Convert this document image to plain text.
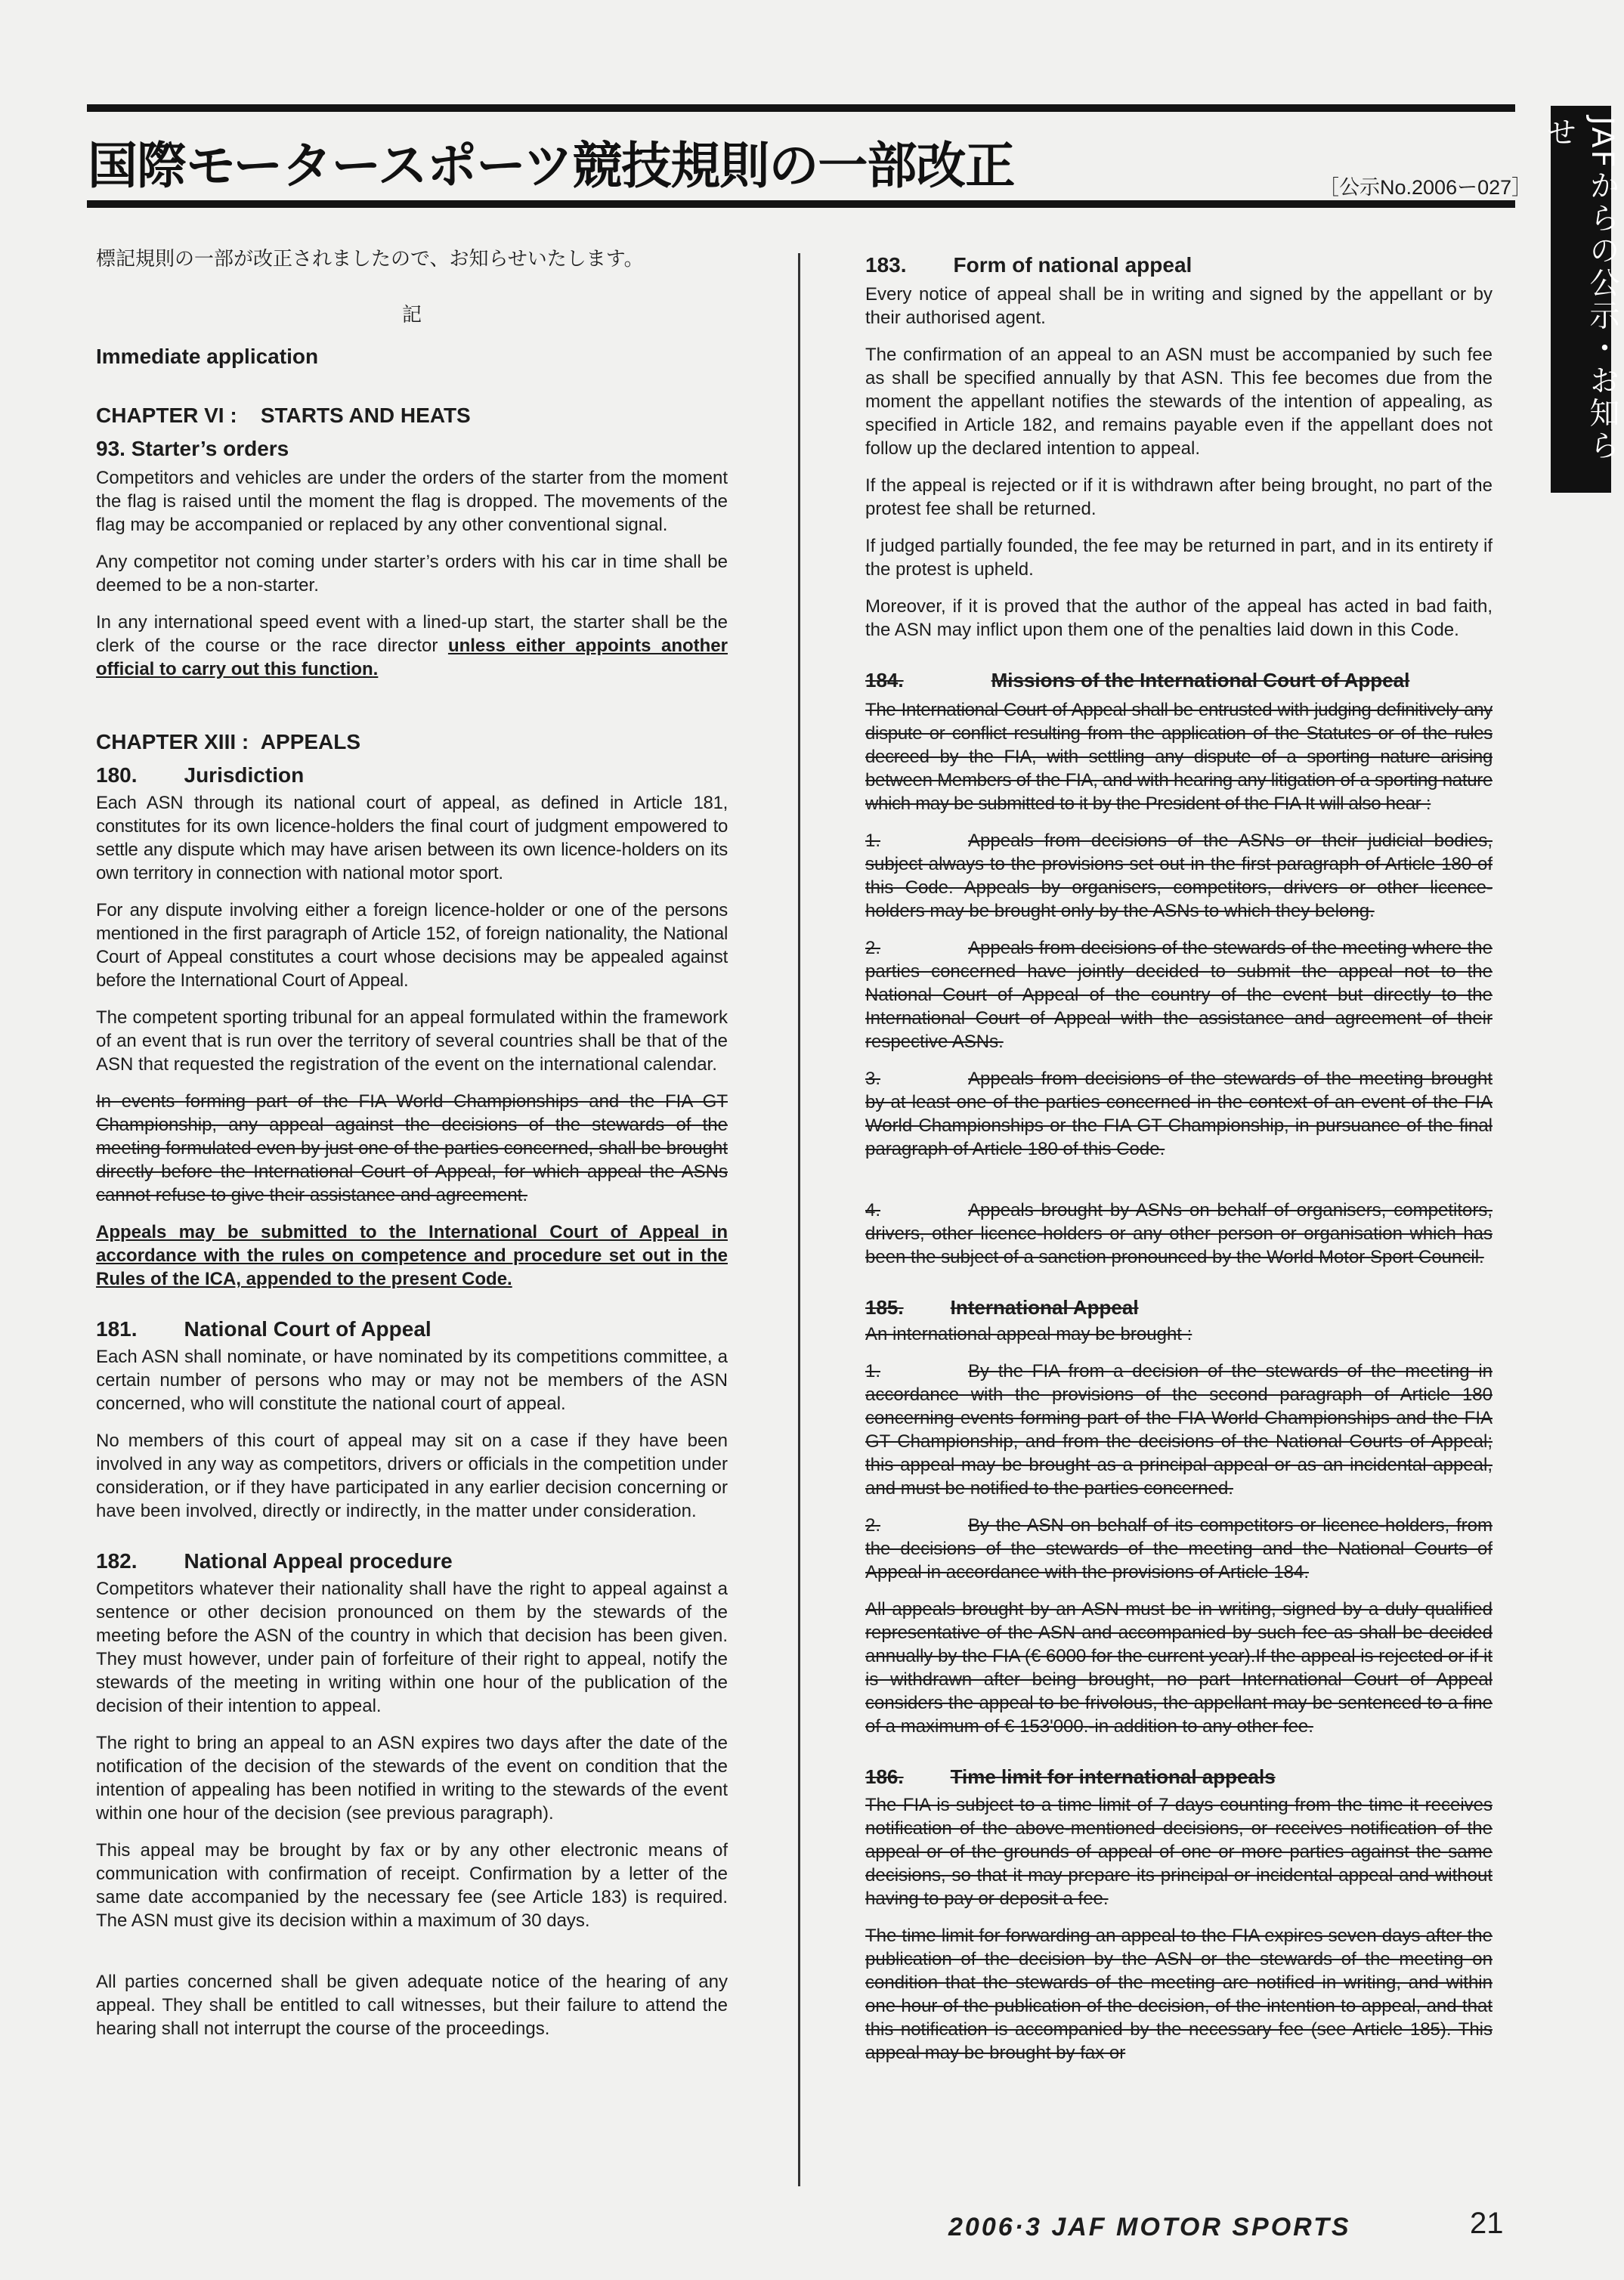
国際モータースポーツ競技規則の一部改正	［公示No.2006ー027］	JAFからの公示・お知らせ

標記規則の一部が改正されましたので、お知らせいたします。

記

Immediate application
CHAPTER VI : STARTS AND HEATS
93. Starter’s orders

Competitors and vehicles are under the orders of the starter from the moment the flag is raised until the moment the flag is dropped. The movements of the flag may be accompanied or replaced by any other conventional signal.

Any competitor not coming under starter’s orders with his car in time shall be deemed to be a non-starter.

In any international speed event with a lined-up start, the starter shall be the clerk of the course or the race director unless either appoints another official to carry out this function.

CHAPTER XIII : APPEALS
180. Jurisdiction

Each ASN through its national court of appeal, as defined in Article 181, constitutes for its own licence-holders the final court of judgment empowered to settle any dispute which may have arisen between its own licence-holders on its own territory in connection with national motor sport.

For any dispute involving either a foreign licence-holder or one of the persons mentioned in the first paragraph of Article 152, of foreign nationality, the National Court of Appeal constitutes a court whose decisions may be appealed against before the International Court of Appeal.

The competent sporting tribunal for an appeal formulated within the framework of an event that is run over the territory of several countries shall be that of the ASN that requested the registration of the event on the international calendar.

In events forming part of the FIA World Championships and the FIA GT Championship, any appeal against the decisions of the stewards of the meeting formulated even by just one of the parties concerned, shall be brought directly before the International Court of Appeal, for which appeal the ASNs cannot refuse to give their assistance and agreement.

Appeals may be submitted to the International Court of Appeal in accordance with the rules on competence and procedure set out in the Rules of the ICA, appended to the present Code.

181. National Court of Appeal

Each ASN shall nominate, or have nominated by its competitions committee, a certain number of persons who may or may not be members of the ASN concerned, who will constitute the national court of appeal.

No members of this court of appeal may sit on a case if they have been involved in any way as competitors, drivers or officials in the competition under consideration, or if they have participated in any earlier decision concerning or have been involved, directly or indirectly, in the matter under consideration.

182. National Appeal procedure

Competitors whatever their nationality shall have the right to appeal against a sentence or other decision pronounced on them by the stewards of the meeting before the ASN of the country in which that decision has been given. They must however, under pain of forfeiture of their right to appeal, notify the stewards of the meeting in writing within one hour of the publication of the decision of their intention to appeal.

The right to bring an appeal to an ASN expires two days after the date of the notification of the decision of the stewards of the event on condition that the intention of appealing has been notified in writing to the stewards of the event within one hour of the decision (see previous paragraph).

This appeal may be brought by fax or by any other electronic means of communication with confirmation of receipt. Confirmation by a letter of the same date accompanied by the necessary fee (see Article 183) is required. The ASN must give its decision within a maximum of 30 days.

All parties concerned shall be given adequate notice of the hearing of any appeal. They shall be entitled to call witnesses, but their failure to attend the hearing shall not interrupt the course of the proceedings.

183. Form of national appeal

Every notice of appeal shall be in writing and signed by the appellant or by their authorised agent.

The confirmation of an appeal to an ASN must be accompanied by such fee as shall be specified annually by that ASN. This fee becomes due from the moment the appellant notifies the stewards of the intention of appealing, as specified in Article 182, and remains payable even if the appellant does not follow up the declared intention to appeal.

If the appeal is rejected or if it is withdrawn after being brought, no part of the protest fee shall be returned.

If judged partially founded, the fee may be returned in part, and in its entirety if the protest is upheld.

Moreover, if it is proved that the author of the appeal has acted in bad faith, the ASN may inflict upon them one of the penalties laid down in this Code.

184.	Missions of the International Court of Appeal

The International Court of Appeal shall be entrusted with judging definitively any dispute or conflict resulting from the application of the Statutes or of the rules decreed by the FIA, with settling any dispute of a sporting nature arising between Members of the FIA, and with hearing any litigation of a sporting nature which may be submitted to it by the President of the FIA It will also hear :

1.	Appeals from decisions of the ASNs or their judicial bodies, subject always to the provisions set out in the first paragraph of Article 180 of this Code. Appeals by organisers, competitors, drivers or other licence-holders may be brought only by the ASNs to which they belong.

2.	Appeals from decisions of the stewards of the meeting where the parties concerned have jointly decided to submit the appeal not to the National Court of Appeal of the country of the event but directly to the International Court of Appeal with the assistance and agreement of their respective ASNs.

3.	Appeals from decisions of the stewards of the meeting brought by at least one of the parties concerned in the context of an event of the FIA World Championships or the FIA GT Championship, in pursuance of the final paragraph of Article 180 of this Code.

4.	Appeals brought by ASNs on behalf of organisers, competitors, drivers, other licence-holders or any other person or organisation which has been the subject of a sanction pronounced by the World Motor Sport Council.

185. International Appeal

An international appeal may be brought :

1.	By the FIA from a decision of the stewards of the meeting in accordance with the provisions of the second paragraph of Article 180 concerning events forming part of the FIA World Championships and the FIA GT Championship, and from the decisions of the National Courts of Appeal; this appeal may be brought as a principal appeal or as an incidental appeal, and must be notified to the parties concerned.

2.	By the ASN on behalf of its competitors or licence-holders, from the decisions of the stewards of the meeting and the National Courts of Appeal in accordance with the provisions of Article 184.

All appeals brought by an ASN must be in writing, signed by a duly qualified representative of the ASN and accompanied by such fee as shall be decided annually by the FIA (€ 6000 for the current year).If the appeal is rejected or if it is withdrawn after being brought, no part International Court of Appeal considers the appeal to be frivolous, the appellant may be sentenced to a fine of a maximum of € 153'000.-in addition to any other fee.

186. Time limit for international appeals

The FIA is subject to a time limit of 7 days counting from the time it receives notification of the above-mentioned decisions, or receives notification of the appeal or of the grounds of appeal of one or more parties against the same decisions, so that it may prepare its principal or incidental appeal and without having to pay or deposit a fee.

The time limit for forwarding an appeal to the FIA expires seven days after the publication of the decision by the ASN or the stewards of the meeting on condition that the stewards of the meeting are notified in writing, and within one hour of the publication of the decision, of the intention to appeal, and that this notification is accompanied by the necessary fee (see Article 185). This appeal may be brought by fax or

2006·3 JAF MOTOR SPORTS	21
